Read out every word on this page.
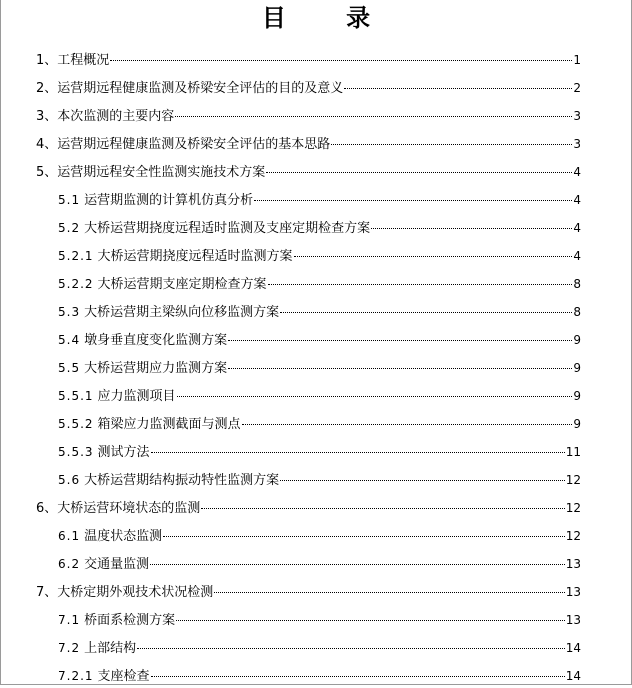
目 录
1、 工程概况	1
2、 运营期远程健康监测及桥梁安全评估的目的及意义	2
3、 本次监测的主要内容	3
4、 运营期远程健康监测及桥梁安全评估的基本思路	3
5、 运营期远程安全性监测实施技术方案	4
5.1 运营期监测的计算机仿真分析	4
5.2 大桥运营期挠度远程适时监测及支座定期检查方案	4
5.2.1 大桥运营期挠度远程适时监测方案	4
5.2.2 大桥运营期支座定期检查方案	8
5.3 大桥运营期主梁纵向位移监测方案	8
5.4 墩身垂直度变化监测方案	9
5.5 大桥运营期应力监测方案	9
5.5.1 应力监测项目	9
5.5.2 箱梁应力监测截面与测点	9
5.5.3 测试方法	11
5.6 大桥运营期结构振动特性监测方案	12
6、 大桥运营环境状态的监测	12
6.1 温度状态监测	12
6.2 交通量监测	13
7、 大桥定期外观技术状况检测	13
7.1 桥面系检测方案	13
7.2 上部结构	14
7.2.1 支座检查	14
